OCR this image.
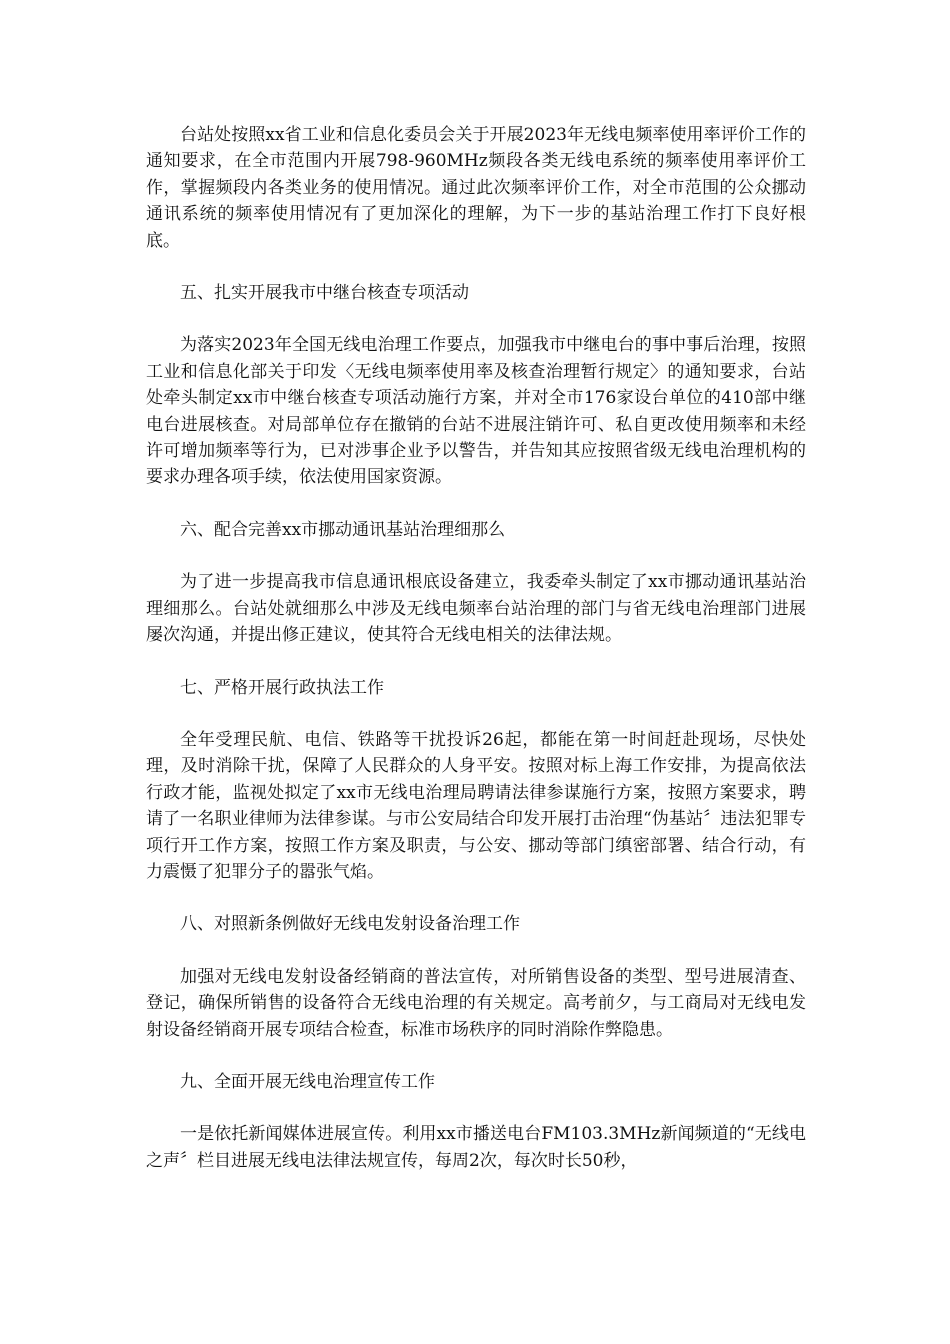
台站处按照xx省工业和信息化委员会关于开展2023年无线电频率使用率评价工作的通知要求，在全市范围内开展798-960MHz频段各类无线电系统的频率使用率评价工作，掌握频段内各类业务的使用情况。通过此次频率评价工作，对全市范围的公众挪动通讯系统的频率使用情况有了更加深化的理解，为下一步的基站治理工作打下良好根底。

五、扎实开展我市中继台核查专项活动

为落实2023年全国无线电治理工作要点，加强我市中继电台的事中事后治理，按照工业和信息化部关于印发〈无线电频率使用率及核查治理暂行规定〉的通知要求，台站处牵头制定xx市中继台核查专项活动施行方案，并对全市176家设台单位的410部中继电台进展核查。对局部单位存在撤销的台站不进展注销许可、私自更改使用频率和未经许可增加频率等行为，已对涉事企业予以警告，并告知其应按照省级无线电治理机构的要求办理各项手续，依法使用国家资源。

六、配合完善xx市挪动通讯基站治理细那么

为了进一步提高我市信息通讯根底设备建立，我委牵头制定了xx市挪动通讯基站治理细那么。台站处就细那么中涉及无线电频率台站治理的部门与省无线电治理部门进展屡次沟通，并提出修正建议，使其符合无线电相关的法律法规。

七、严格开展行政执法工作

全年受理民航、电信、铁路等干扰投诉26起，都能在第一时间赶赴现场，尽快处理，及时消除干扰，保障了人民群众的人身平安。按照对标上海工作安排，为提高依法行政才能，监视处拟定了xx市无线电治理局聘请法律参谋施行方案，按照方案要求，聘请了一名职业律师为法律参谋。与市公安局结合印发开展打击治理“伪基站〞违法犯罪专项行开工作方案，按照工作方案及职责，与公安、挪动等部门缜密部署、结合行动，有力震慑了犯罪分子的嚣张气焰。

八、对照新条例做好无线电发射设备治理工作

加强对无线电发射设备经销商的普法宣传，对所销售设备的类型、型号进展清查、登记，确保所销售的设备符合无线电治理的有关规定。高考前夕，与工商局对无线电发射设备经销商开展专项结合检查，标准市场秩序的同时消除作弊隐患。

九、全面开展无线电治理宣传工作

一是依托新闻媒体进展宣传。利用xx市播送电台FM103.3MHz新闻频道的“无线电之声〞栏目进展无线电法律法规宣传，每周2次，每次时长50秒，
